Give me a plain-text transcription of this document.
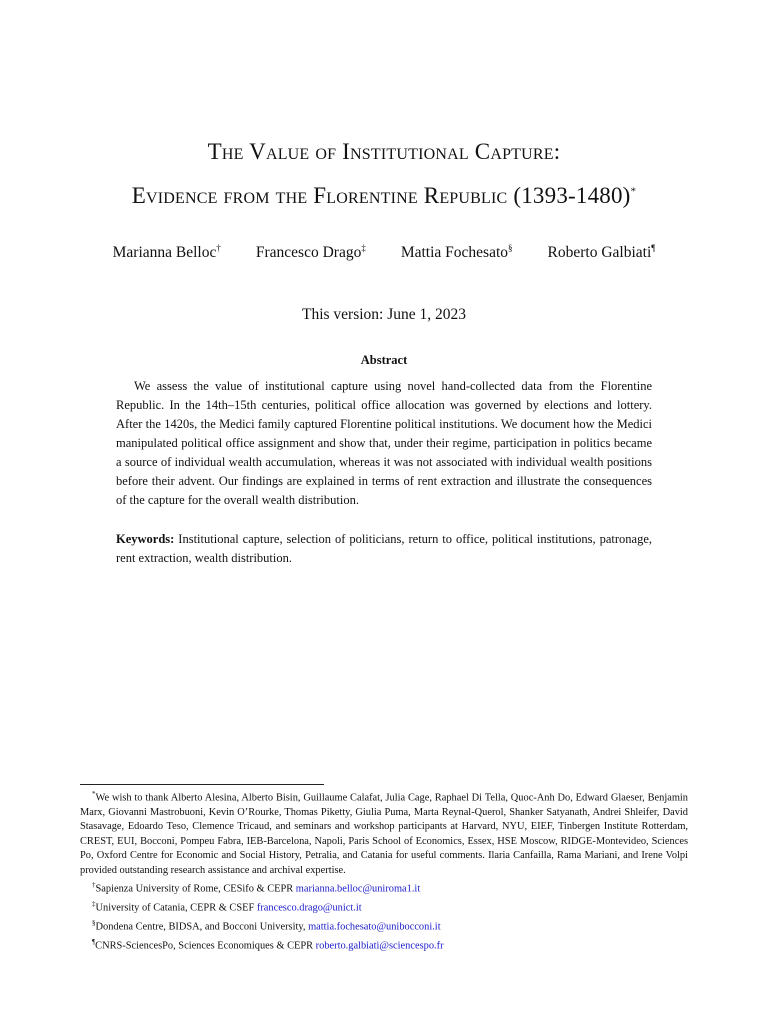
The Value of Institutional Capture:
Evidence from the Florentine Republic (1393-1480)*
Marianna Belloc† Francesco Drago‡ Mattia Fochesato§ Roberto Galbiati¶
This version: June 1, 2023
Abstract

We assess the value of institutional capture using novel hand-collected data from the Florentine Republic. In the 14th–15th centuries, political office allocation was governed by elections and lottery. After the 1420s, the Medici family captured Florentine political institutions. We document how the Medici manipulated political office assignment and show that, under their regime, participation in politics became a source of individual wealth accumulation, whereas it was not associated with individual wealth positions before their advent. Our findings are explained in terms of rent extraction and illustrate the consequences of the capture for the overall wealth distribution.

Keywords: Institutional capture, selection of politicians, return to office, political institutions, patronage, rent extraction, wealth distribution.

*We wish to thank Alberto Alesina, Alberto Bisin, Guillaume Calafat, Julia Cage, Raphael Di Tella, Quoc-Anh Do, Edward Glaeser, Benjamin Marx, Giovanni Mastrobuoni, Kevin O’Rourke, Thomas Piketty, Giulia Puma, Marta Reynal-Querol, Shanker Satyanath, Andrei Shleifer, David Stasavage, Edoardo Teso, Clemence Tricaud, and seminars and workshop participants at Harvard, NYU, EIEF, Tinbergen Institute Rotterdam, CREST, EUI, Bocconi, Pompeu Fabra, IEB-Barcelona, Napoli, Paris School of Economics, Essex, HSE Moscow, RIDGE-Montevideo, Sciences Po, Oxford Centre for Economic and Social History, Petralia, and Catania for useful comments. Ilaria Canfailla, Rama Mariani, and Irene Volpi provided outstanding research assistance and archival expertise.

†Sapienza University of Rome, CESifo & CEPR marianna.belloc@uniroma1.it

‡University of Catania, CEPR & CSEF francesco.drago@unict.it

§Dondena Centre, BIDSA, and Bocconi University, mattia.fochesato@unibocconi.it

¶CNRS-SciencesPo, Sciences Economiques & CEPR roberto.galbiati@sciencespo.fr
